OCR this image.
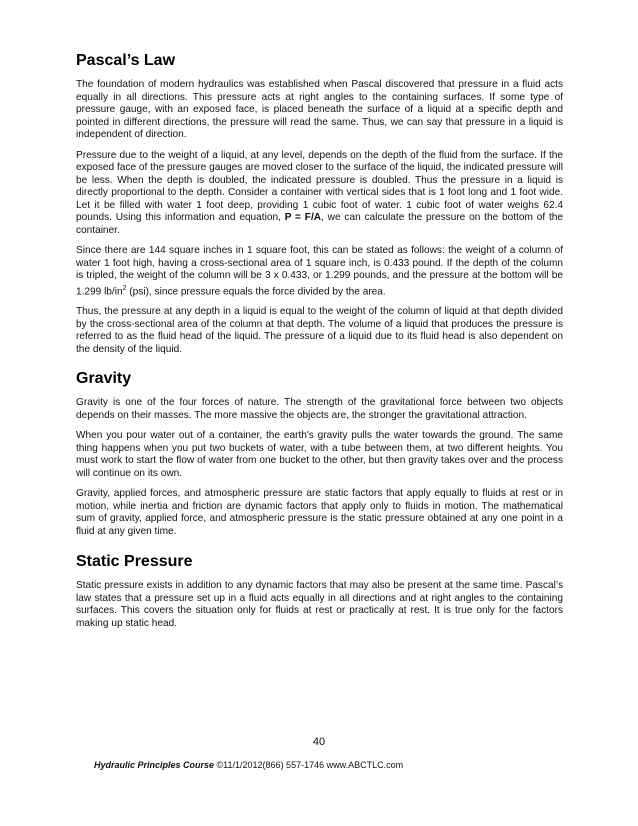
Pascal’s Law

The foundation of modern hydraulics was established when Pascal discovered that pressure in a fluid acts equally in all directions. This pressure acts at right angles to the containing surfaces. If some type of pressure gauge, with an exposed face, is placed beneath the surface of a liquid at a specific depth and pointed in different directions, the pressure will read the same. Thus, we can say that pressure in a liquid is independent of direction.

Pressure due to the weight of a liquid, at any level, depends on the depth of the fluid from the surface. If the exposed face of the pressure gauges are moved closer to the surface of the liquid, the indicated pressure will be less. When the depth is doubled, the indicated pressure is doubled. Thus the pressure in a liquid is directly proportional to the depth. Consider a container with vertical sides that is 1 foot long and 1 foot wide. Let it be filled with water 1 foot deep, providing 1 cubic foot of water. 1 cubic foot of water weighs 62.4 pounds. Using this information and equation, P = F/A, we can calculate the pressure on the bottom of the container.

Since there are 144 square inches in 1 square foot, this can be stated as follows: the weight of a column of water 1 foot high, having a cross-sectional area of 1 square inch, is 0.433 pound. If the depth of the column is tripled, the weight of the column will be 3 x 0.433, or 1.299 pounds, and the pressure at the bottom will be 1.299 $lb/in^2$ (psi), since pressure equals the force divided by the area.

Thus, the pressure at any depth in a liquid is equal to the weight of the column of liquid at that depth divided by the cross-sectional area of the column at that depth. The volume of a liquid that produces the pressure is referred to as the fluid head of the liquid. The pressure of a liquid due to its fluid head is also dependent on the density of the liquid.

Gravity

Gravity is one of the four forces of nature. The strength of the gravitational force between two objects depends on their masses. The more massive the objects are, the stronger the gravitational attraction.

When you pour water out of a container, the earth's gravity pulls the water towards the ground. The same thing happens when you put two buckets of water, with a tube between them, at two different heights. You must work to start the flow of water from one bucket to the other, but then gravity takes over and the process will continue on its own.

Gravity, applied forces, and atmospheric pressure are static factors that apply equally to fluids at rest or in motion, while inertia and friction are dynamic factors that apply only to fluids in motion. The mathematical sum of gravity, applied force, and atmospheric pressure is the static pressure obtained at any one point in a fluid at any given time.

Static Pressure

Static pressure exists in addition to any dynamic factors that may also be present at the same time. Pascal’s law states that a pressure set up in a fluid acts equally in all directions and at right angles to the containing surfaces. This covers the situation only for fluids at rest or practically at rest. It is true only for the factors making up static head.

40
Hydraulic Principles Course ©11/1/2012(866) 557-1746 www.ABCTLC.com
